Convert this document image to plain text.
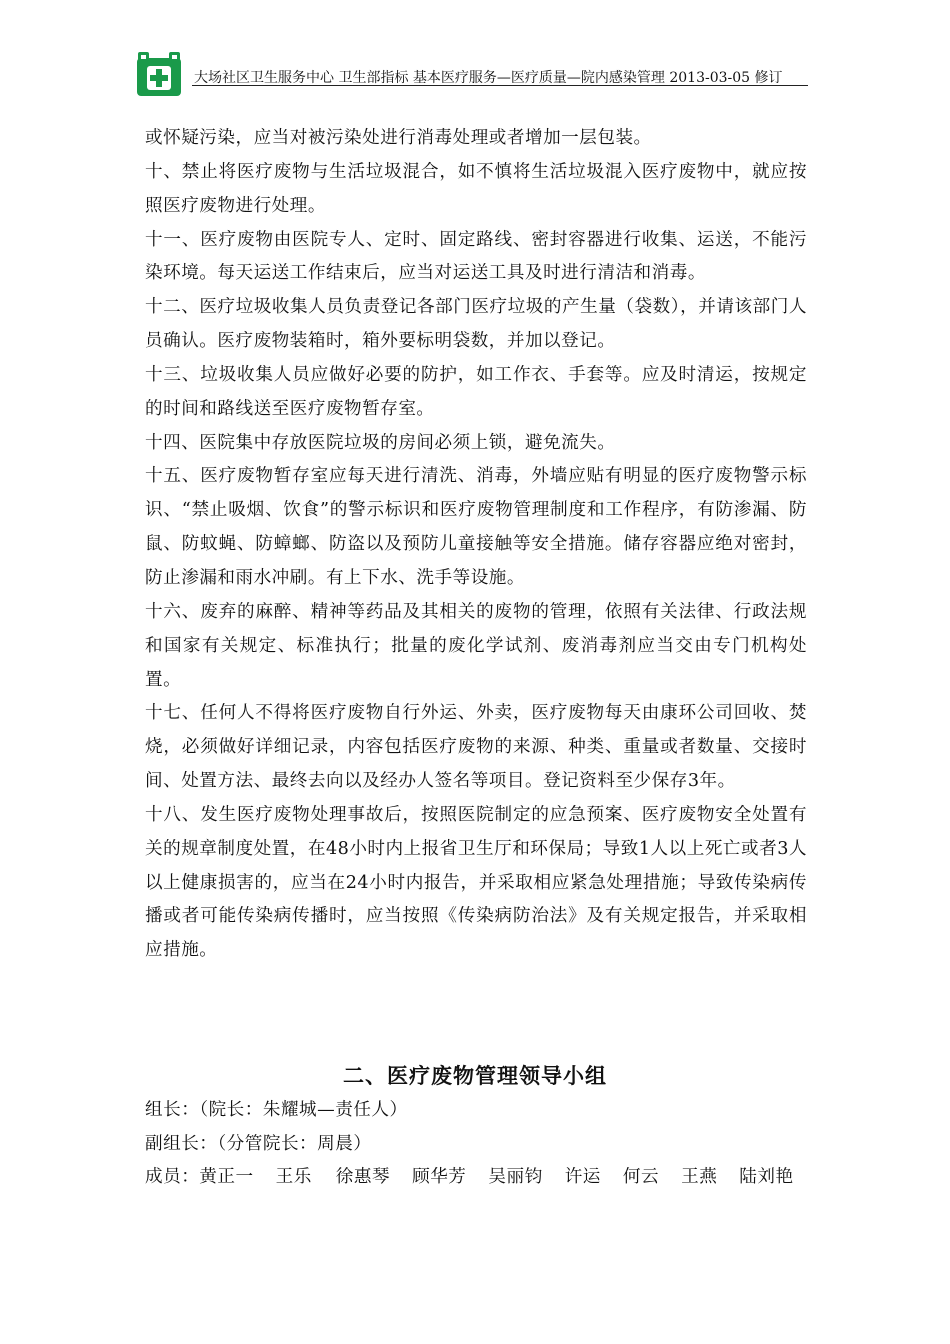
大场社区卫生服务中心 卫生部指标 基本医疗服务—医疗质量—院内感染管理 2013-03-05 修订

或怀疑污染，应当对被污染处进行消毒处理或者增加一层包装。

十、禁止将医疗废物与生活垃圾混合，如不慎将生活垃圾混入医疗废物中，就应按照医疗废物进行处理。

十一、医疗废物由医院专人、定时、固定路线、密封容器进行收集、运送，不能污染环境。每天运送工作结束后，应当对运送工具及时进行清洁和消毒。

十二、医疗垃圾收集人员负责登记各部门医疗垃圾的产生量（袋数），并请该部门人员确认。医疗废物装箱时，箱外要标明袋数，并加以登记。

十三、垃圾收集人员应做好必要的防护，如工作衣、手套等。应及时清运，按规定的时间和路线送至医疗废物暂存室。

十四、医院集中存放医院垃圾的房间必须上锁，避免流失。

十五、医疗废物暂存室应每天进行清洗、消毒，外墙应贴有明显的医疗废物警示标识、“禁止吸烟、饮食”的警示标识和医疗废物管理制度和工作程序，有防渗漏、防鼠、防蚊蝇、防蟑螂、防盗以及预防儿童接触等安全措施。储存容器应绝对密封，防止渗漏和雨水冲刷。有上下水、洗手等设施。

十六、废弃的麻醉、精神等药品及其相关的废物的管理，依照有关法律、行政法规和国家有关规定、标准执行；批量的废化学试剂、废消毒剂应当交由专门机构处置。

十七、任何人不得将医疗废物自行外运、外卖，医疗废物每天由康环公司回收、焚烧，必须做好详细记录，内容包括医疗废物的来源、种类、重量或者数量、交接时间、处置方法、最终去向以及经办人签名等项目。登记资料至少保存3年。

十八、发生医疗废物处理事故后，按照医院制定的应急预案、医疗废物安全处置有关的规章制度处置，在48小时内上报省卫生厅和环保局；导致1人以上死亡或者3人以上健康损害的，应当在24小时内报告，并采取相应紧急处理措施；导致传染病传播或者可能传染病传播时，应当按照《传染病防治法》及有关规定报告，并采取相应措施。

二、医疗废物管理领导小组
组长：（院长：朱耀城—责任人）
副组长：（分管院长：周晨）
成员： 黄正一 王乐 徐惠琴 顾华芳 吴丽钧 许运 何云 王燕 陆刘艳
